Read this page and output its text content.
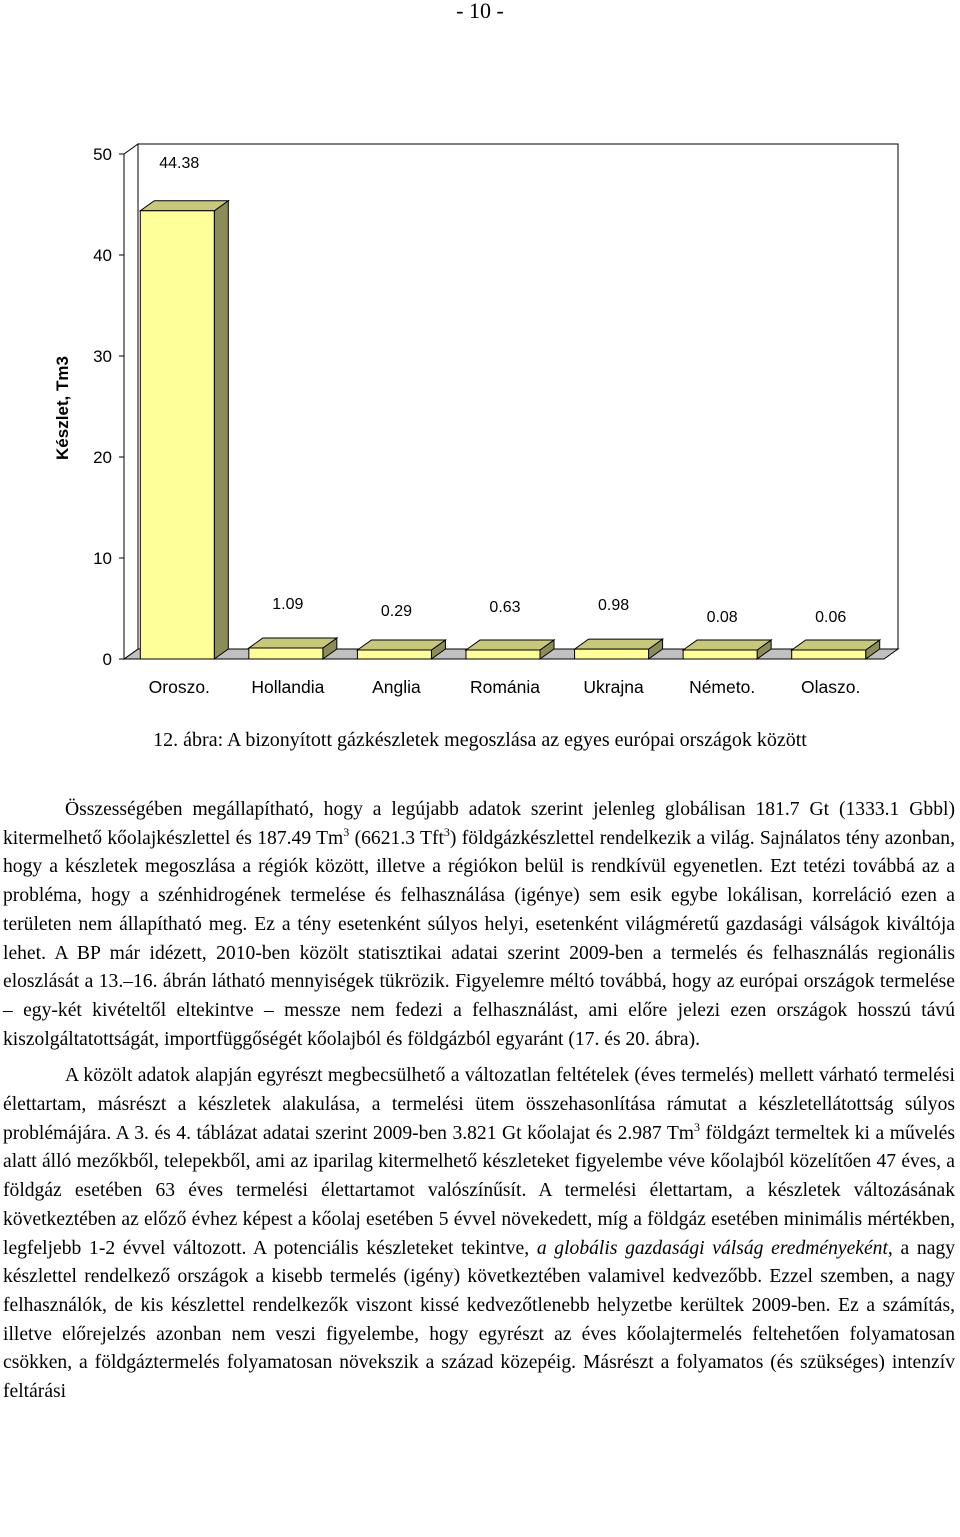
- 10 -
0
10
20
30
40
50	44.38
1.09	0.29	0.63	0.98
0.08	0.06
Oroszo. Hollandia	Anglia	Románia Ukrajna	Németo.	Olaszo.
Készlet, Tm3
12. ábra: A bizonyított gázkészletek megoszlása az egyes európai országok között

Összességében megállapítható, hogy a legújabb adatok szerint jelenleg globálisan 181.7 Gt (1333.1 Gbbl) kitermelhető kőolajkészlettel és 187.49 Tm$^3$ (6621.3 Tft$^3$) földgázkészlettel rendelkezik a világ. Sajnálatos tény azonban, hogy a készletek megoszlása a régiók között, illetve a régiókon belül is rendkívül egyenetlen. Ezt tetézi továbbá az a probléma, hogy a szénhidrogének termelése és felhasználása (igénye) sem esik egybe lokálisan, korreláció ezen a területen nem állapítható meg. Ez a tény esetenként súlyos helyi, esetenként világméretű gazdasági válságok kiváltója lehet. A BP már idézett, 2010-ben közölt statisztikai adatai szerint 2009-ben a termelés és felhasználás regionális eloszlását a 13.–16. ábrán látható mennyiségek tükrözik. Figyelemre méltó továbbá, hogy az európai országok termelése – egy-két kivételtől eltekintve – messze nem fedezi a felhasználást, ami előre jelezi ezen országok hosszú távú kiszolgáltatottságát, importfüggőségét kőolajból és földgázból egyaránt (17. és 20. ábra).

A közölt adatok alapján egyrészt megbecsülhető a változatlan feltételek (éves termelés) mellett várható termelési élettartam, másrészt a készletek alakulása, a termelési ütem összehasonlítása rámutat a készletellátottság súlyos problémájára. A 3. és 4. táblázat adatai szerint 2009-ben 3.821 Gt kőolajat és 2.987 Tm$^3$ földgázt termeltek ki a művelés alatt álló mezőkből, telepekből, ami az iparilag kitermelhető készleteket figyelembe véve kőolajból közelítően 47 éves, a földgáz esetében 63 éves termelési élettartamot valószínűsít. A termelési élettartam, a készletek változásának következtében az előző évhez képest a kőolaj esetében 5 évvel növekedett, míg a földgáz esetében minimális mértékben, legfeljebb 1-2 évvel változott. A potenciális készleteket tekintve, a globális gazdasági válság eredményeként, a nagy készlettel rendelkező országok a kisebb termelés (igény) következtében valamivel kedvezőbb. Ezzel szemben, a nagy felhasználók, de kis készlettel rendelkezők viszont kissé kedvezőtlenebb helyzetbe kerültek 2009-ben. Ez a számítás, illetve előrejelzés azonban nem veszi figyelembe, hogy egyrészt az éves kőolajtermelés feltehetően folyamatosan csökken, a földgáztermelés folyamatosan növekszik a század közepéig. Másrészt a folyamatos (és szükséges) intenzív feltárási
